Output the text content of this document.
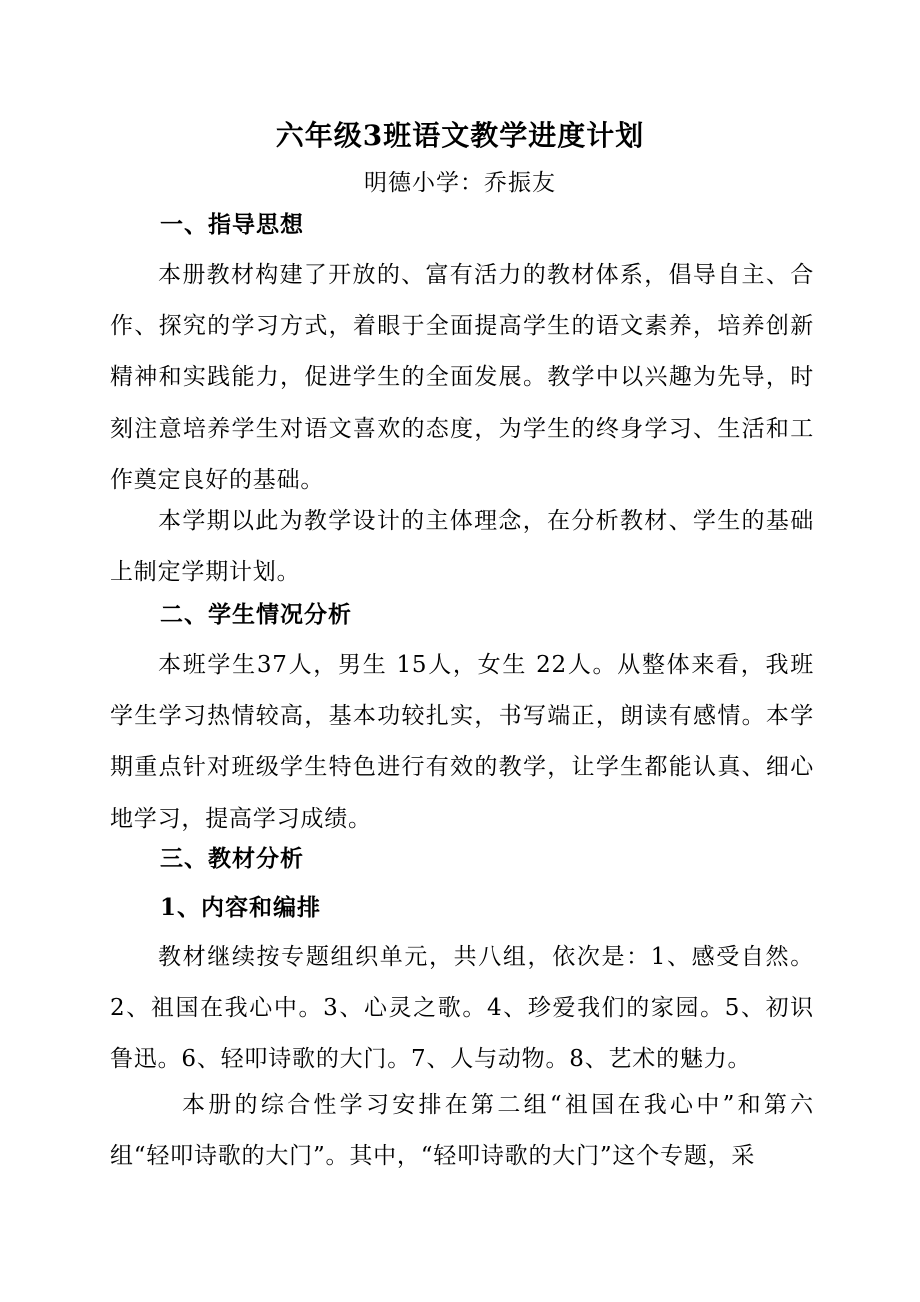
六年级3班语文教学进度计划
明德小学：乔振友
一、指导思想
本册教材构建了开放的、富有活力的教材体系，倡导自主、合作、探究的学习方式，着眼于全面提高学生的语文素养，培养创新精神和实践能力，促进学生的全面发展。教学中以兴趣为先导，时刻注意培养学生对语文喜欢的态度，为学生的终身学习、生活和工作奠定良好的基础。
本学期以此为教学设计的主体理念，在分析教材、学生的基础上制定学期计划。
二、学生情况分析
本班学生37人，男生 15人，女生 22人。从整体来看，我班学生学习热情较高，基本功较扎实，书写端正，朗读有感情。本学期重点针对班级学生特色进行有效的教学，让学生都能认真、细心地学习，提高学习成绩。
三、教材分析
1、内容和编排
教材继续按专题组织单元，共八组，依次是：1、感受自然。2、祖国在我心中。3、心灵之歌。4、珍爱我们的家园。5、初识鲁迅。6、轻叩诗歌的大门。7、人与动物。8、艺术的魅力。
本册的综合性学习安排在第二组“祖国在我心中”和第六组“轻叩诗歌的大门”。其中，“轻叩诗歌的大门”这个专题，采
